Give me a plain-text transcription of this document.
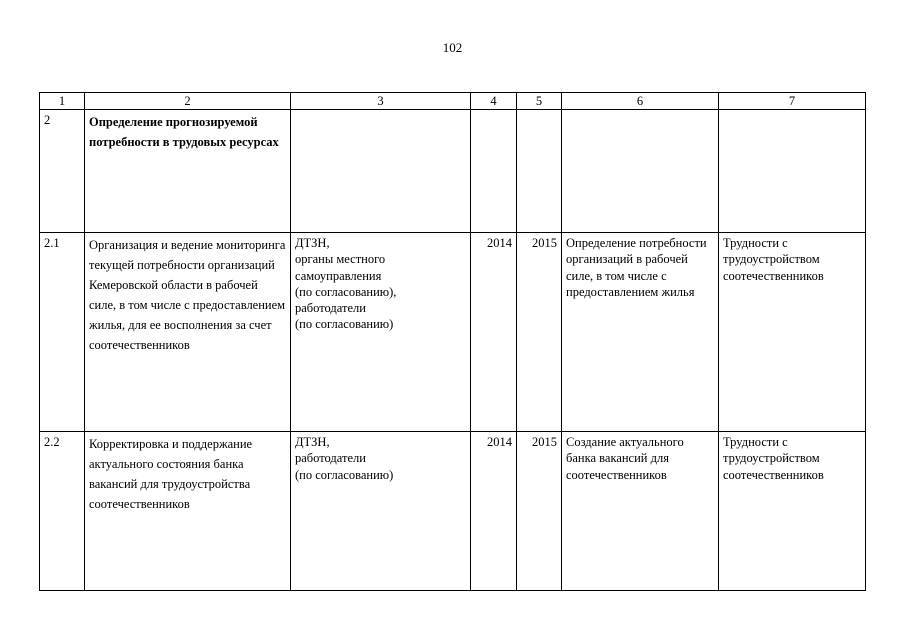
102
1	2	3	4	5	6	7
2	Определение прогнозируемой потребности в трудовых ресурсах					
2.1	Организация и ведение мониторинга текущей потребности организаций Кемеровской области в рабочей силе, в том числе с предоставлением жилья, для ее восполнения за счет соотечественников	ДТЗН,
органы местного самоуправления
(по согласованию),
работодатели
(по согласованию)	2014	2015	Определение потребности организаций в рабочей силе, в том числе с предоставлением жилья	Трудности с трудоустройством соотечественников
2.2	Корректировка и поддержание актуального состояния банка вакансий для трудоустройства соотечественников	ДТЗН,
работодатели
(по согласованию)	2014	2015	Создание актуального банка вакансий для соотечественников	Трудности с трудоустройством соотечественников
